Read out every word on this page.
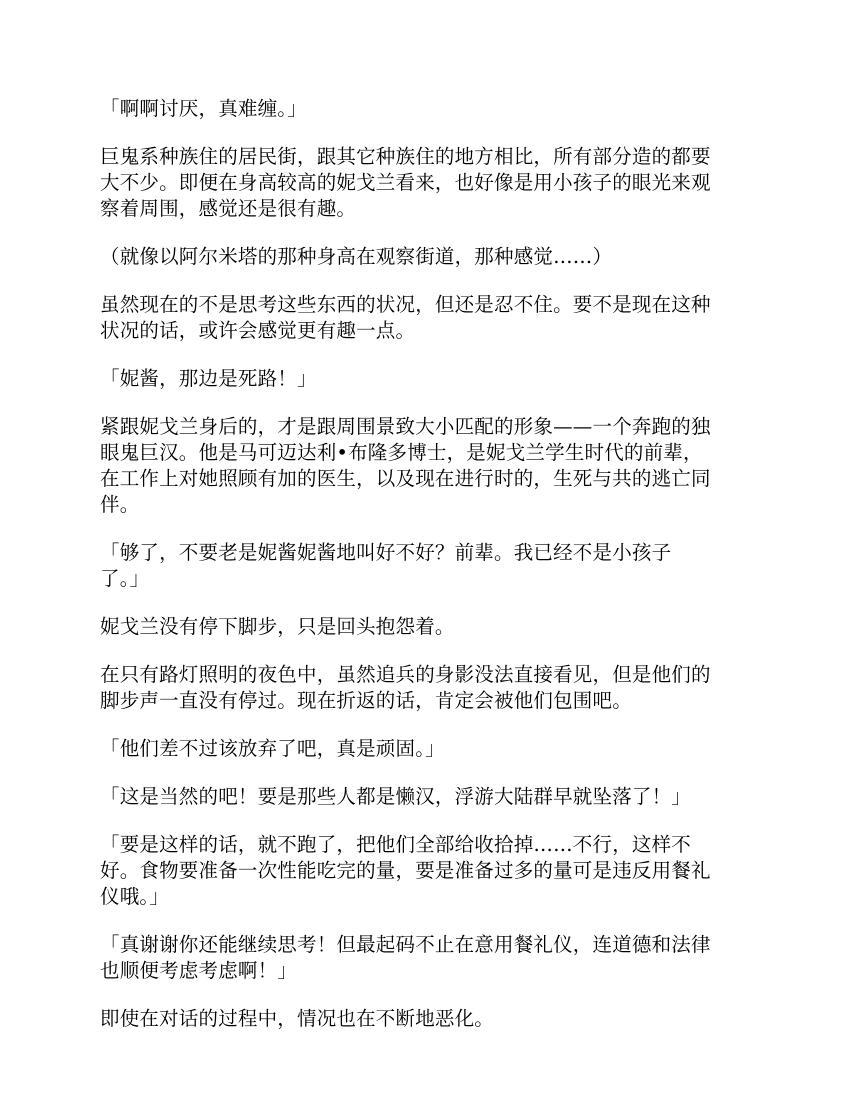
「啊啊讨厌，真难缠。」

巨鬼系种族住的居民街，跟其它种族住的地方相比，所有部分造的都要
大不少。即便在身高较高的妮戈兰看来，也好像是用小孩子的眼光来观
察着周围，感觉还是很有趣。

（就像以阿尔米塔的那种身高在观察街道，那种感觉……）

虽然现在的不是思考这些东西的状况，但还是忍不住。要不是现在这种
状况的话，或许会感觉更有趣一点。

「妮酱，那边是死路！」

紧跟妮戈兰身后的，才是跟周围景致大小匹配的形象——一个奔跑的独
眼鬼巨汉。他是马可迈达利•布隆多博士，是妮戈兰学生时代的前辈，
在工作上对她照顾有加的医生，以及现在进行时的，生死与共的逃亡同
伴。

「够了，不要老是妮酱妮酱地叫好不好？前辈。我已经不是小孩子
了。」

妮戈兰没有停下脚步，只是回头抱怨着。

在只有路灯照明的夜色中，虽然追兵的身影没法直接看见，但是他们的
脚步声一直没有停过。现在折返的话，肯定会被他们包围吧。

「他们差不过该放弃了吧，真是顽固。」

「这是当然的吧！要是那些人都是懒汉，浮游大陆群早就坠落了！」

「要是这样的话，就不跑了，把他们全部给收拾掉……不行，这样不
好。食物要准备一次性能吃完的量，要是准备过多的量可是违反用餐礼
仪哦。」

「真谢谢你还能继续思考！但最起码不止在意用餐礼仪，连道德和法律
也顺便考虑考虑啊！」

即使在对话的过程中，情况也在不断地恶化。
